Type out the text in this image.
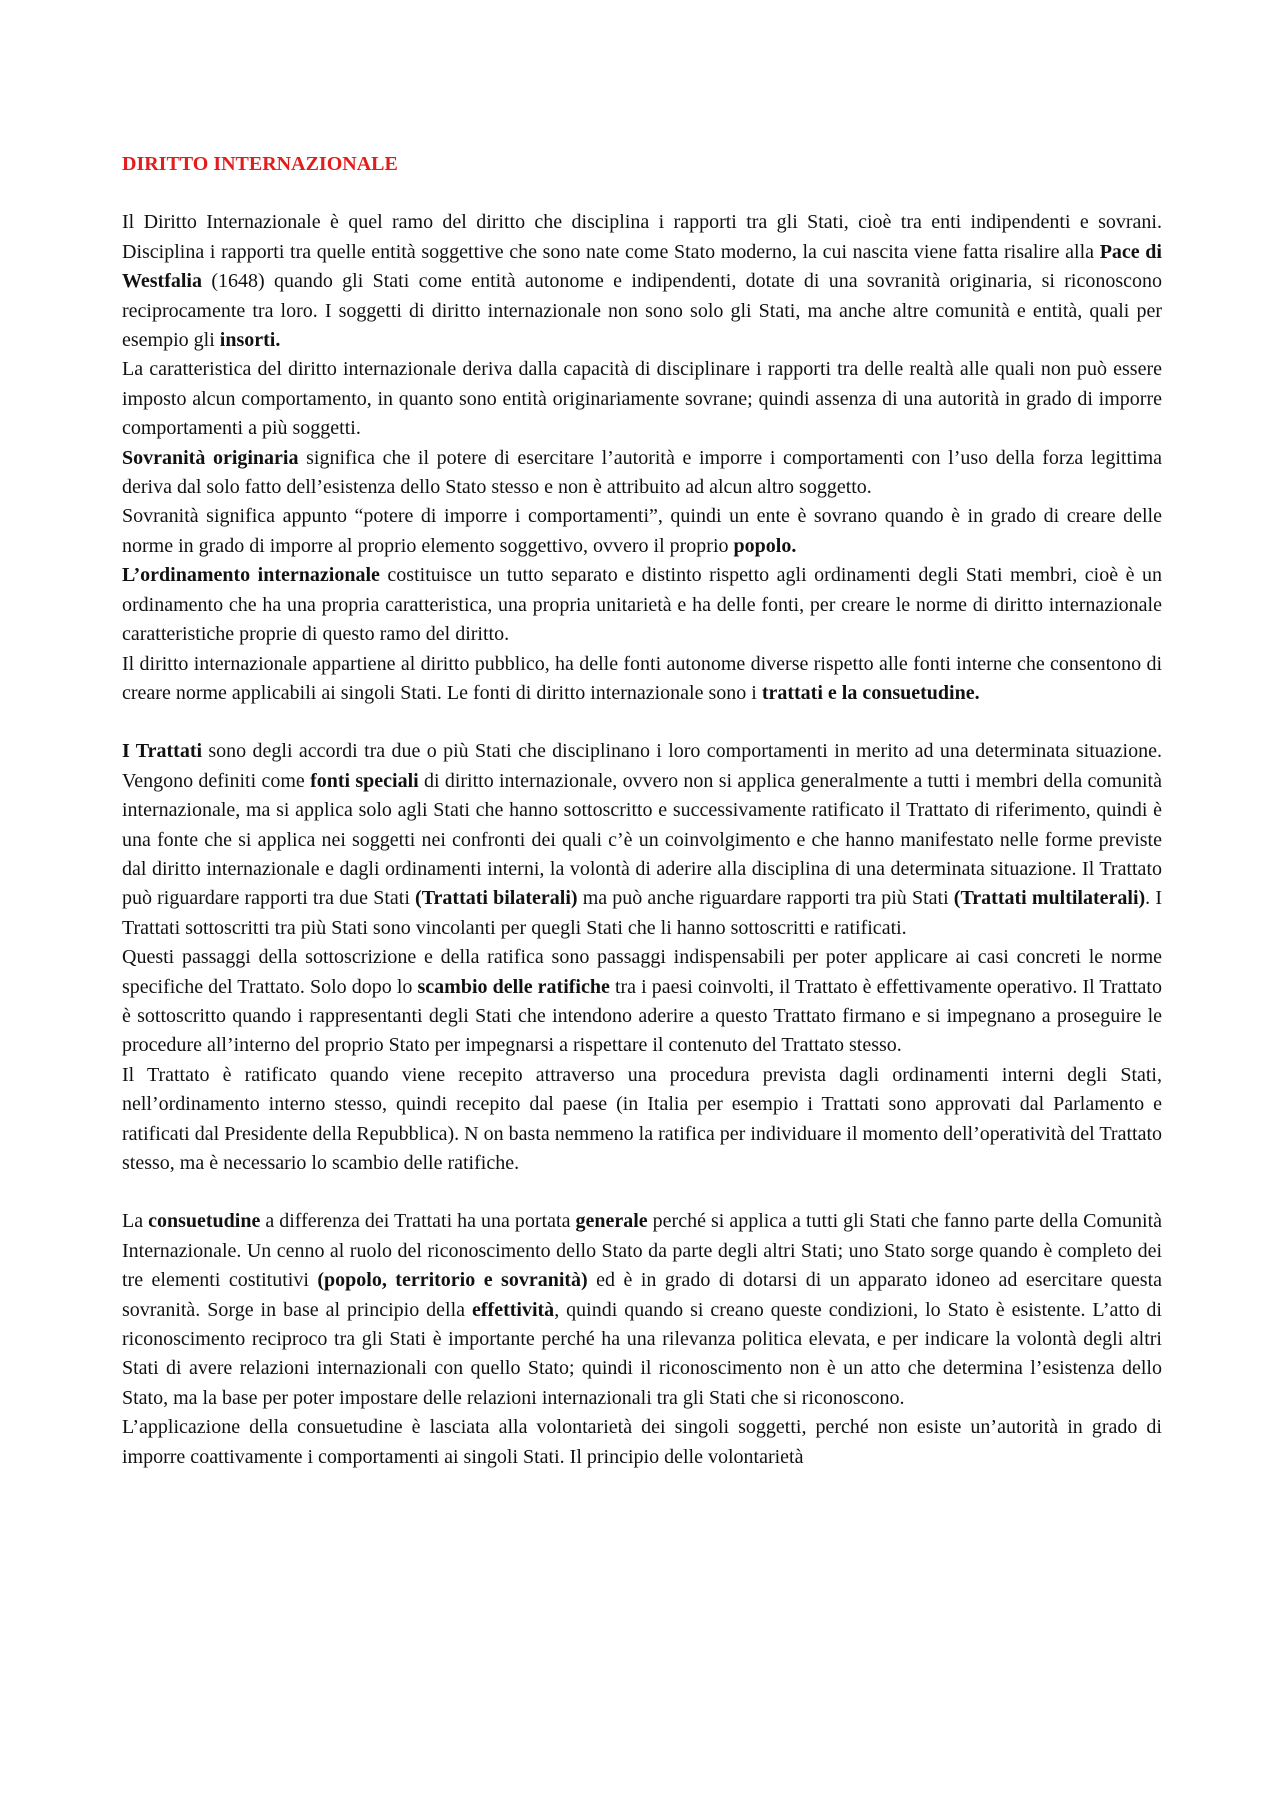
DIRITTO INTERNAZIONALE

Il Diritto Internazionale è quel ramo del diritto che disciplina i rapporti tra gli Stati, cioè tra enti indipendenti e sovrani. Disciplina i rapporti tra quelle entità soggettive che sono nate come Stato moderno, la cui nascita viene fatta risalire alla Pace di Westfalia (1648) quando gli Stati come entità autonome e indipendenti, dotate di una sovranità originaria, si riconoscono reciprocamente tra loro. I soggetti di diritto internazionale non sono solo gli Stati, ma anche altre comunità e entità, quali per esempio gli insorti.

La caratteristica del diritto internazionale deriva dalla capacità di disciplinare i rapporti tra delle realtà alle quali non può essere imposto alcun comportamento, in quanto sono entità originariamente sovrane; quindi assenza di una autorità in grado di imporre comportamenti a più soggetti.

Sovranità originaria significa che il potere di esercitare l’autorità e imporre i comportamenti con l’uso della forza legittima deriva dal solo fatto dell’esistenza dello Stato stesso e non è attribuito ad alcun altro soggetto.

Sovranità significa appunto “potere di imporre i comportamenti”, quindi un ente è sovrano quando è in grado di creare delle norme in grado di imporre al proprio elemento soggettivo, ovvero il proprio popolo.

L’ordinamento internazionale costituisce un tutto separato e distinto rispetto agli ordinamenti degli Stati membri, cioè è un ordinamento che ha una propria caratteristica, una propria unitarietà e ha delle fonti, per creare le norme di diritto internazionale caratteristiche proprie di questo ramo del diritto.

Il diritto internazionale appartiene al diritto pubblico, ha delle fonti autonome diverse rispetto alle fonti interne che consentono di creare norme applicabili ai singoli Stati. Le fonti di diritto internazionale sono i trattati e la consuetudine.

I Trattati sono degli accordi tra due o più Stati che disciplinano i loro comportamenti in merito ad una determinata situazione. Vengono definiti come fonti speciali di diritto internazionale, ovvero non si applica generalmente a tutti i membri della comunità internazionale, ma si applica solo agli Stati che hanno sottoscritto e successivamente ratificato il Trattato di riferimento, quindi è una fonte che si applica nei soggetti nei confronti dei quali c’è un coinvolgimento e che hanno manifestato nelle forme previste dal diritto internazionale e dagli ordinamenti interni, la volontà di aderire alla disciplina di una determinata situazione. Il Trattato può riguardare rapporti tra due Stati (Trattati bilaterali) ma può anche riguardare rapporti tra più Stati (Trattati multilaterali). I Trattati sottoscritti tra più Stati sono vincolanti per quegli Stati che li hanno sottoscritti e ratificati.

Questi passaggi della sottoscrizione e della ratifica sono passaggi indispensabili per poter applicare ai casi concreti le norme specifiche del Trattato. Solo dopo lo scambio delle ratifiche tra i paesi coinvolti, il Trattato è effettivamente operativo. Il Trattato è sottoscritto quando i rappresentanti degli Stati che intendono aderire a questo Trattato firmano e si impegnano a proseguire le procedure all’interno del proprio Stato per impegnarsi a rispettare il contenuto del Trattato stesso.

Il Trattato è ratificato quando viene recepito attraverso una procedura prevista dagli ordinamenti interni degli Stati, nell’ordinamento interno stesso, quindi recepito dal paese (in Italia per esempio i Trattati sono approvati dal Parlamento e ratificati dal Presidente della Repubblica). N on basta nemmeno la ratifica per individuare il momento dell’operatività del Trattato stesso, ma è necessario lo scambio delle ratifiche.

La consuetudine a differenza dei Trattati ha una portata generale perché si applica a tutti gli Stati che fanno parte della Comunità Internazionale. Un cenno al ruolo del riconoscimento dello Stato da parte degli altri Stati; uno Stato sorge quando è completo dei tre elementi costitutivi (popolo, territorio e sovranità) ed è in grado di dotarsi di un apparato idoneo ad esercitare questa sovranità. Sorge in base al principio della effettività, quindi quando si creano queste condizioni, lo Stato è esistente. L’atto di riconoscimento reciproco tra gli Stati è importante perché ha una rilevanza politica elevata, e per indicare la volontà degli altri Stati di avere relazioni internazionali con quello Stato; quindi il riconoscimento non è un atto che determina l’esistenza dello Stato, ma la base per poter impostare delle relazioni internazionali tra gli Stati che si riconoscono.

L’applicazione della consuetudine è lasciata alla volontarietà dei singoli soggetti, perché non esiste un’autorità in grado di imporre coattivamente i comportamenti ai singoli Stati. Il principio delle volontarietà
